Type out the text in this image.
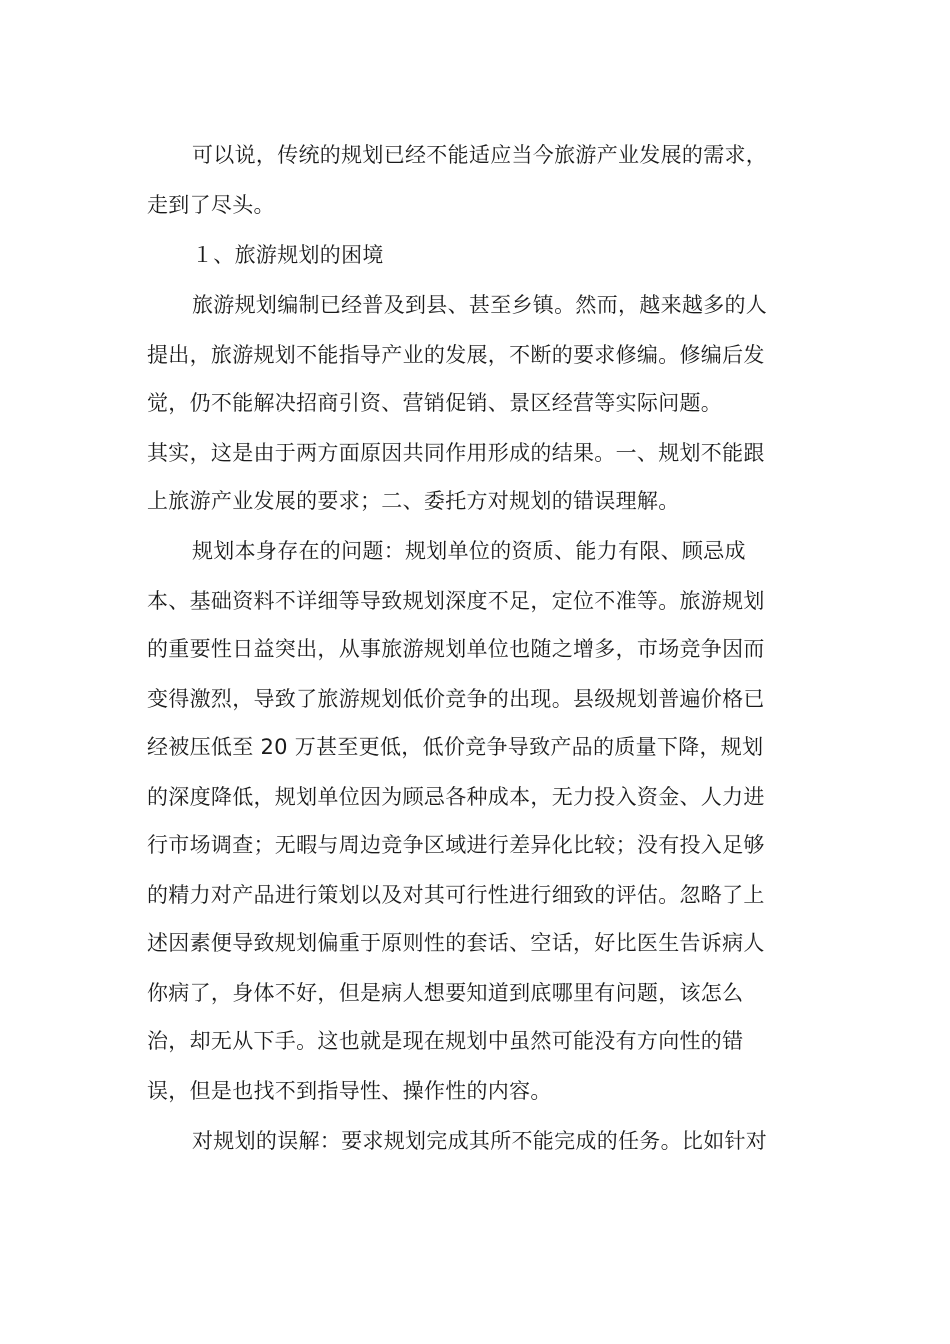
可以说，传统的规划已经不能适应当今旅游产业发展的需求，
走到了尽头。
１、旅游规划的困境
旅游规划编制已经普及到县、甚至乡镇。然而，越来越多的人
提出，旅游规划不能指导产业的发展，不断的要求修编。修编后发
觉，仍不能解决招商引资、营销促销、景区经营等实际问题。
其实，这是由于两方面原因共同作用形成的结果。一、规划不能跟
上旅游产业发展的要求；二、委托方对规划的错误理解。
规划本身存在的问题：规划单位的资质、能力有限、顾忌成
本、基础资料不详细等导致规划深度不足，定位不准等。旅游规划
的重要性日益突出，从事旅游规划单位也随之增多，市场竞争因而
变得激烈，导致了旅游规划低价竞争的出现。县级规划普遍价格已
经被压低至 20 万甚至更低，低价竞争导致产品的质量下降，规划
的深度降低，规划单位因为顾忌各种成本，无力投入资金、人力进
行市场调查；无暇与周边竞争区域进行差异化比较；没有投入足够
的精力对产品进行策划以及对其可行性进行细致的评估。忽略了上
述因素便导致规划偏重于原则性的套话、空话，好比医生告诉病人
你病了，身体不好，但是病人想要知道到底哪里有问题，该怎么
治，却无从下手。这也就是现在规划中虽然可能没有方向性的错
误，但是也找不到指导性、操作性的内容。
对规划的误解：要求规划完成其所不能完成的任务。比如针对
